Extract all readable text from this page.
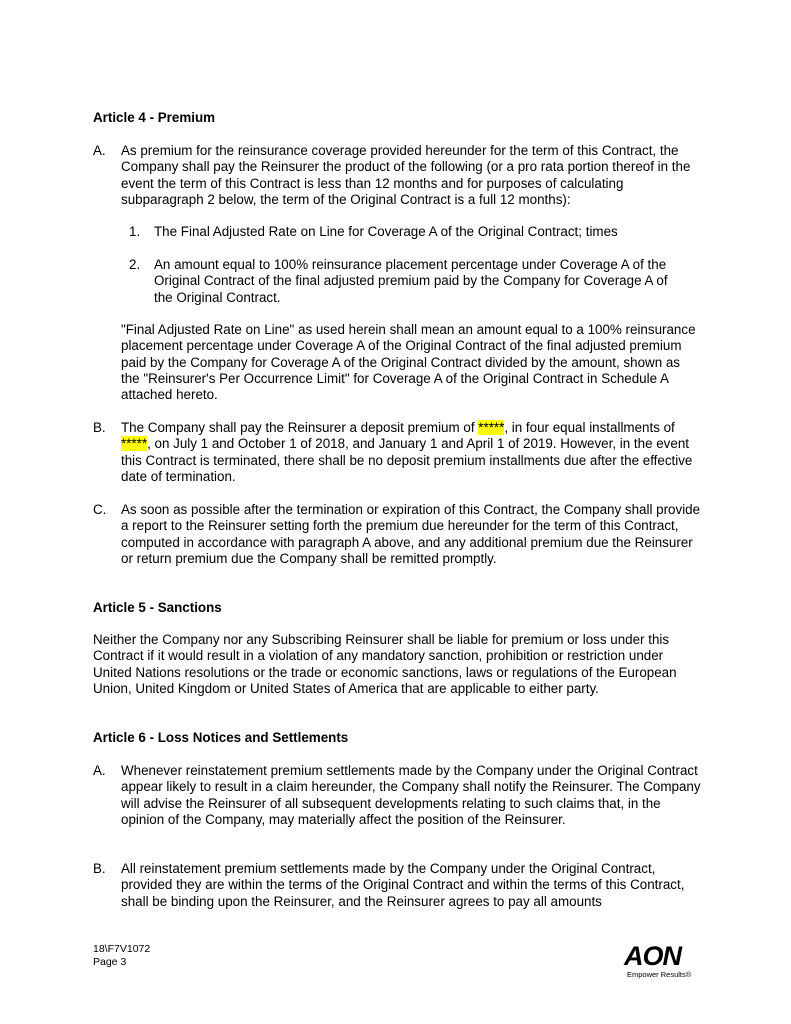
Article 4 - Premium
A. As premium for the reinsurance coverage provided hereunder for the term of this Contract, the Company shall pay the Reinsurer the product of the following (or a pro rata portion thereof in the event the term of this Contract is less than 12 months and for purposes of calculating subparagraph 2 below, the term of the Original Contract is a full 12 months):
1. The Final Adjusted Rate on Line for Coverage A of the Original Contract; times
2. An amount equal to 100% reinsurance placement percentage under Coverage A of the Original Contract of the final adjusted premium paid by the Company for Coverage A of the Original Contract.
"Final Adjusted Rate on Line" as used herein shall mean an amount equal to a 100% reinsurance placement percentage under Coverage A of the Original Contract of the final adjusted premium paid by the Company for Coverage A of the Original Contract divided by the amount, shown as the "Reinsurer's Per Occurrence Limit" for Coverage A of the Original Contract in Schedule A attached hereto.
B. The Company shall pay the Reinsurer a deposit premium of *****, in four equal installments of *****, on July 1 and October 1 of 2018, and January 1 and April 1 of 2019. However, in the event this Contract is terminated, there shall be no deposit premium installments due after the effective date of termination.
C. As soon as possible after the termination or expiration of this Contract, the Company shall provide a report to the Reinsurer setting forth the premium due hereunder for the term of this Contract, computed in accordance with paragraph A above, and any additional premium due the Reinsurer or return premium due the Company shall be remitted promptly.
Article 5 - Sanctions
Neither the Company nor any Subscribing Reinsurer shall be liable for premium or loss under this Contract if it would result in a violation of any mandatory sanction, prohibition or restriction under United Nations resolutions or the trade or economic sanctions, laws or regulations of the European Union, United Kingdom or United States of America that are applicable to either party.
Article 6 - Loss Notices and Settlements
A. Whenever reinstatement premium settlements made by the Company under the Original Contract appear likely to result in a claim hereunder, the Company shall notify the Reinsurer. The Company will advise the Reinsurer of all subsequent developments relating to such claims that, in the opinion of the Company, may materially affect the position of the Reinsurer.
B. All reinstatement premium settlements made by the Company under the Original Contract, provided they are within the terms of the Original Contract and within the terms of this Contract, shall be binding upon the Reinsurer, and the Reinsurer agrees to pay all amounts
18\F7V1072
Page 3	AON
Empower Results®
